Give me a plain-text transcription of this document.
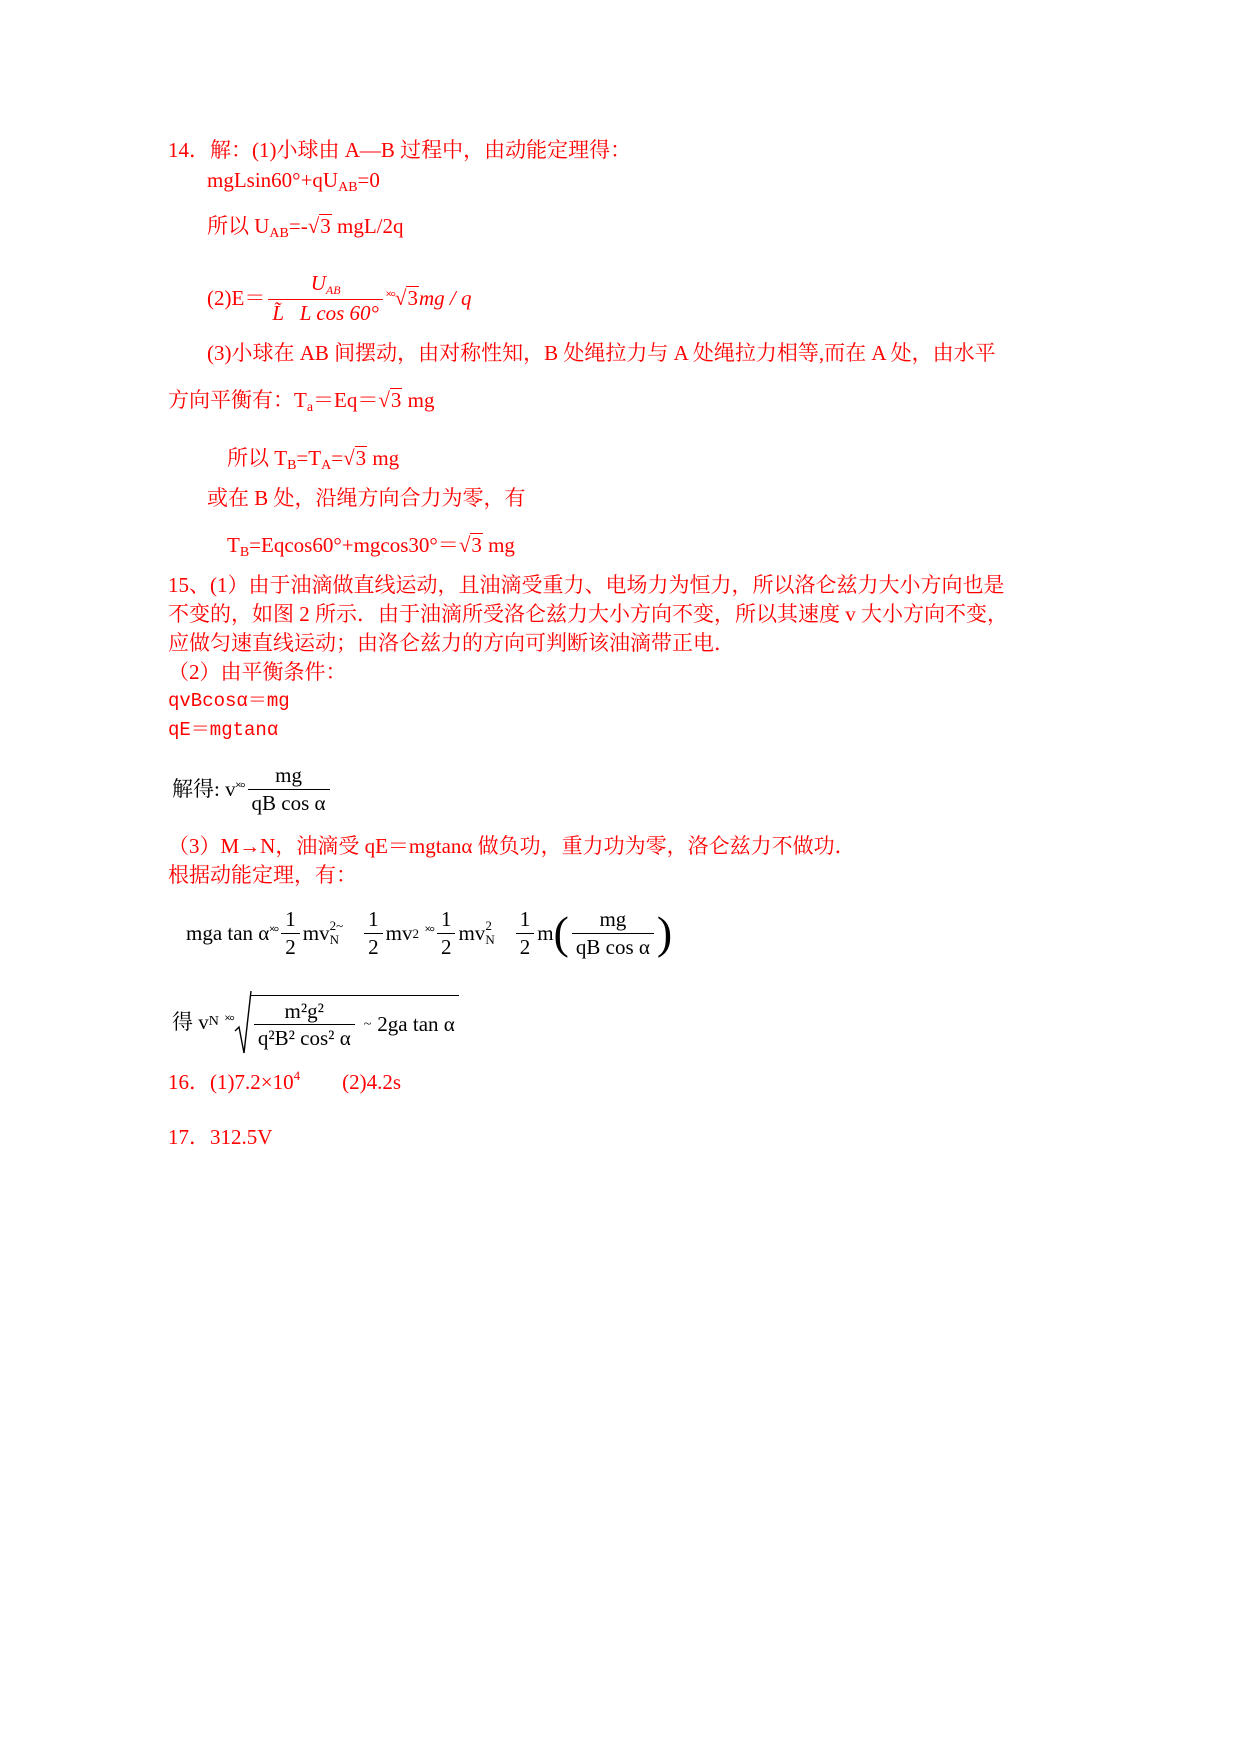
14．解：(1)小球由 A—B 过程中，由动能定理得：
$mgLsin60^\circ+qU_{AB}=0$
所以 $U_{AB}=-√3$ mgL/2q
$(2)E= \frac{U_{AB}}{\text{L̃ L cos 60°}}$ ˟° √3 mg / q
(3)小球在 AB 间摆动，由对称性知，B 处绳拉力与 A 处绳拉力相等,而在 A 处，由水平
方向平衡有：$T_a=Eq=√3$ mg
所以 $T_B=T_A=√3$ mg
或在 B 处，沿绳方向合力为零，有
$T_B=Eqcos60^\circ+mgcos30^\circ=√3$ mg
15、(1）由于油滴做直线运动，且油滴受重力、电场力为恒力，所以洛仑兹力大小方向也是
不变的，如图 2 所示．由于油滴所受洛仑兹力大小方向不变，所以其速度 v 大小方向不变，
应做匀速直线运动；由洛仑兹力的方向可判断该油滴带正电．
（2）由平衡条件：
qvBcosα＝mg
qE＝mgtanα
解得 : v ˟° $\frac{mg}{\text{qB cos α}}$
（3）M→N，油滴受 qE＝mgtanα 做负功，重力功为零，洛仑兹力不做功．
根据动能定理，有：
mga tan α ˟° $\frac{1}{2}$ mv 2~
N $\frac{1}{2}$ mv 2 ˟° $\frac{1}{2}$ mv 2
N $\frac{1}{2}$ m ( $\frac{mg}{\text{qB cos α}}$ )
得 v N ˟° $\frac{\text{m²g²}}{\text{q²B² cos² α}}$ ~ 2ga tan α
16．$(1)7.2\times 10^4$ (2)4.2s
17．312.5V
